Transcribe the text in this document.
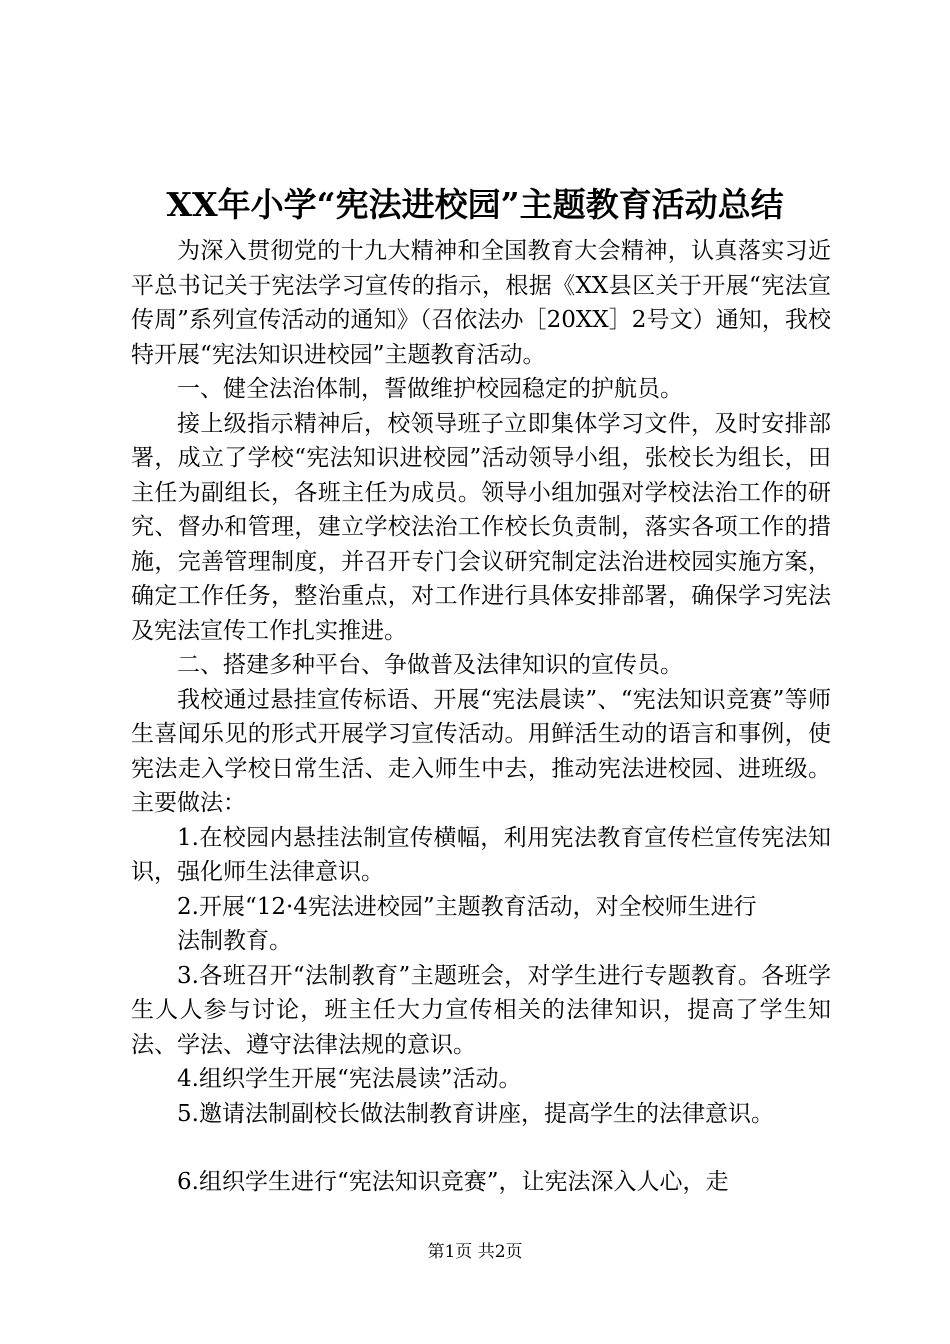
XX年小学“宪法进校园”主题教育活动总结

为深入贯彻党的十九大精神和全国教育大会精神，认真落实习近平总书记关于宪法学习宣传的指示，根据《XX县区关于开展“宪法宣传周”系列宣传活动的通知》（召依法办［20XX］2号文）通知，我校特开展“宪法知识进校园”主题教育活动。

一、健全法治体制，誓做维护校园稳定的护航员。

接上级指示精神后，校领导班子立即集体学习文件，及时安排部署，成立了学校“宪法知识进校园”活动领导小组，张校长为组长，田主任为副组长，各班主任为成员。领导小组加强对学校法治工作的研究、督办和管理，建立学校法治工作校长负责制，落实各项工作的措施，完善管理制度，并召开专门会议研究制定法治进校园实施方案，确定工作任务，整治重点，对工作进行具体安排部署，确保学习宪法及宪法宣传工作扎实推进。

二、搭建多种平台、争做普及法律知识的宣传员。

我校通过悬挂宣传标语、开展“宪法晨读”、“宪法知识竞赛”等师生喜闻乐见的形式开展学习宣传活动。用鲜活生动的语言和事例，使宪法走入学校日常生活、走入师生中去，推动宪法进校园、进班级。主要做法：

1.在校园内悬挂法制宣传横幅，利用宪法教育宣传栏宣传宪法知识，强化师生法律意识。

2.开展“12·4宪法进校园”主题教育活动，对全校师生进行

法制教育。

3.各班召开“法制教育”主题班会，对学生进行专题教育。各班学生人人参与讨论，班主任大力宣传相关的法律知识，提高了学生知法、学法、遵守法律法规的意识。

4.组织学生开展“宪法晨读”活动。

5.邀请法制副校长做法制教育讲座，提高学生的法律意识。

6.组织学生进行“宪法知识竞赛”，让宪法深入人心，走

第1页 共2页
